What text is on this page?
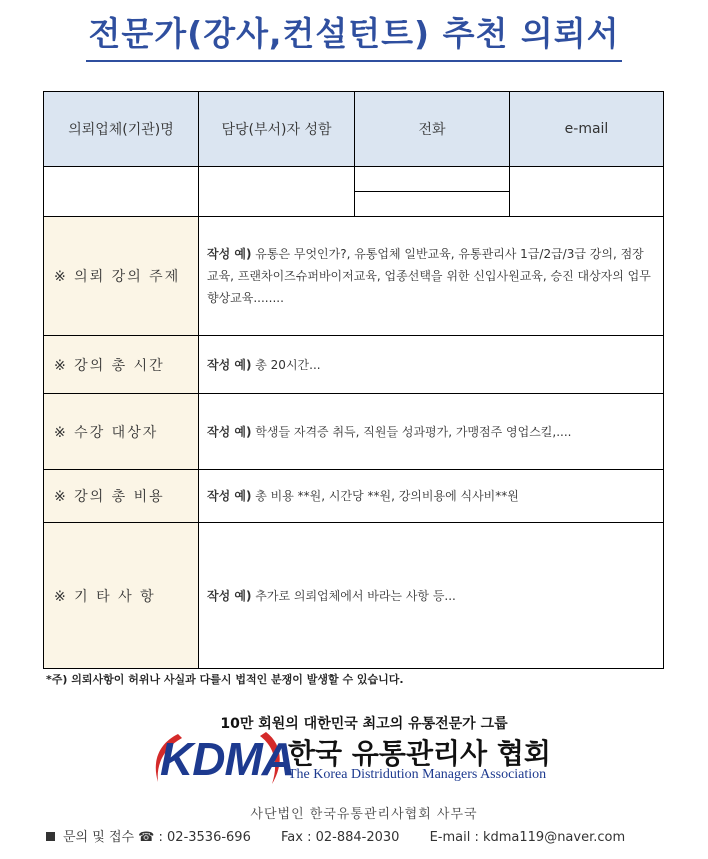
전문가(강사,컨설턴트) 추천 의뢰서
의뢰업체(기관)명	담당(부서)자 성함	전화	e-mail

※ 의뢰 강의 주제	작성 예) 유통은 무엇인가?, 유통업체 일반교육, 유통관리사 1급/2급/3급 강의, 점장교육, 프랜차이즈슈퍼바이저교육, 업종선택을 위한 신입사원교육, 승진 대상자의 업무향상교육........		
※ 강의 총 시간	작성 예) 총 20시간...		
※ 수강 대상자	작성 예) 학생들 자격증 취득, 직원들 성과평가, 가맹점주 영업스킬,....		
※ 강의 총 비용	작성 예) 총 비용 **원, 시간당 **원, 강의비용에 식사비**원		
※ 기 타 사 항	작성 예) 추가로 의뢰업체에서 바라는 사항 등...		
*주) 의뢰사항이 허위나 사실과 다를시 법적인 분쟁이 발생할 수 있습니다.
10만 회원의 대한민국 최고의 유통전문가 그룹
KDMA
한국 유통관리사 협회
The Korea Distridution Managers Association
사단법인 한국유통관리사협회 사무국
문의 및 접수 ☎ : 02-3536-696 Fax : 02-884-2030 E-mail : kdma119@naver.com
